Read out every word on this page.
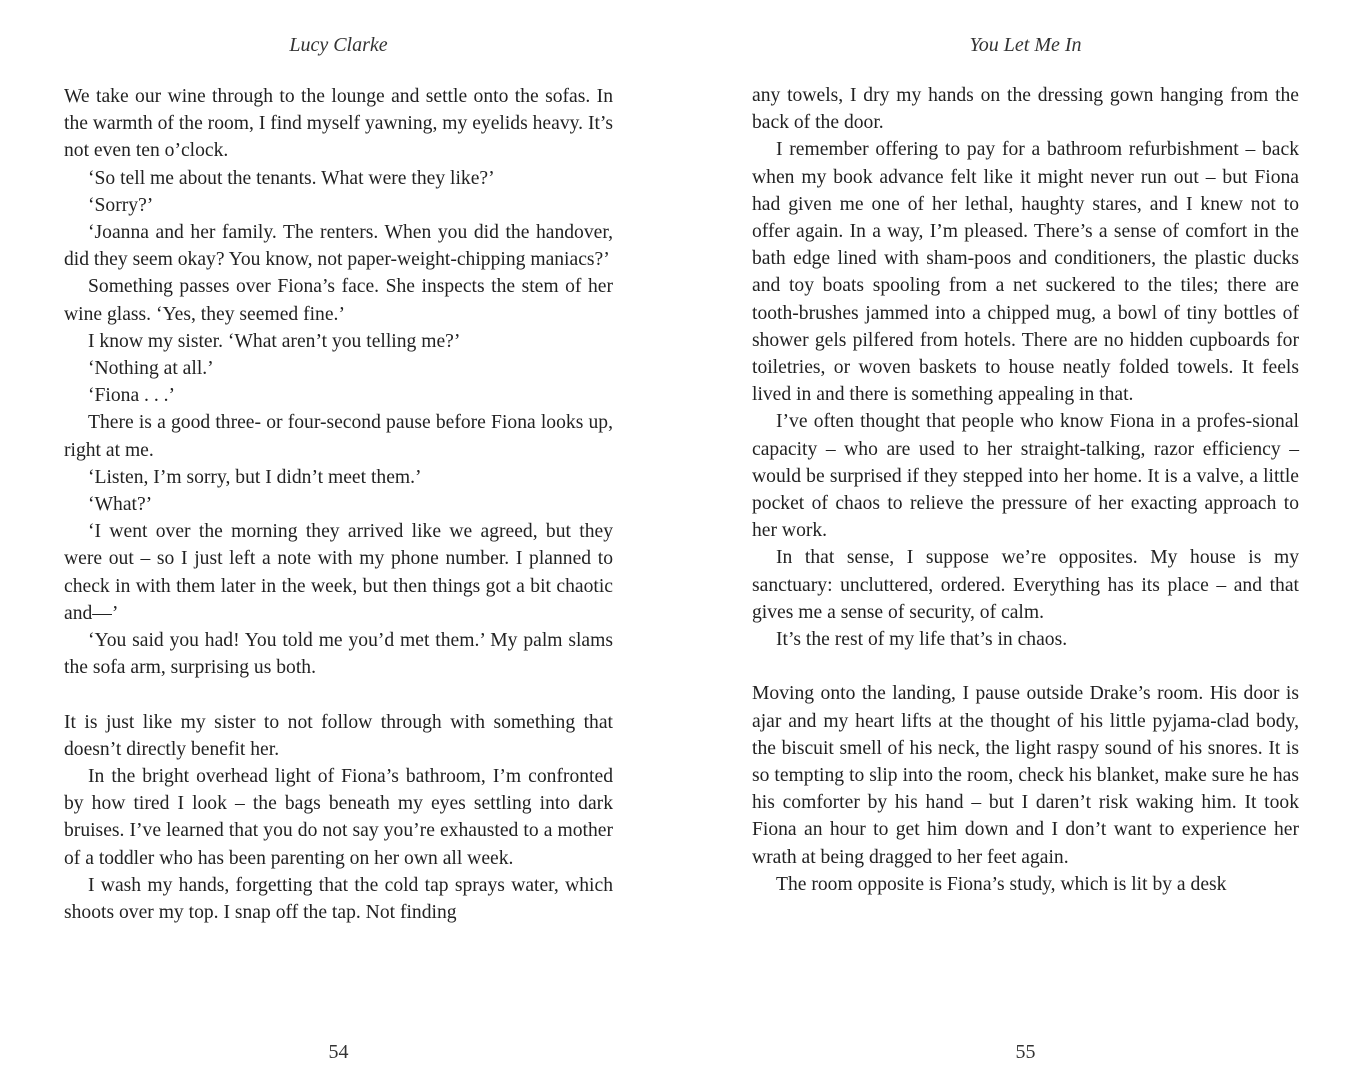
Lucy Clarke

We take our wine through to the lounge and settle onto the sofas. In the warmth of the room, I find myself yawning, my eyelids heavy. It’s not even ten o’clock.

‘So tell me about the tenants. What were they like?’

‘Sorry?’

‘Joanna and her family. The renters. When you did the handover, did they seem okay? You know, not paper-weight-chipping maniacs?’

Something passes over Fiona’s face. She inspects the stem of her wine glass. ‘Yes, they seemed fine.’

I know my sister. ‘What aren’t you telling me?’

‘Nothing at all.’

‘Fiona . . .’

There is a good three- or four-second pause before Fiona looks up, right at me.

‘Listen, I’m sorry, but I didn’t meet them.’

‘What?’

‘I went over the morning they arrived like we agreed, but they were out – so I just left a note with my phone number. I planned to check in with them later in the week, but then things got a bit chaotic and—’

‘You said you had! You told me you’d met them.’ My palm slams the sofa arm, surprising us both.

It is just like my sister to not follow through with something that doesn’t directly benefit her.

In the bright overhead light of Fiona’s bathroom, I’m confronted by how tired I look – the bags beneath my eyes settling into dark bruises. I’ve learned that you do not say you’re exhausted to a mother of a toddler who has been parenting on her own all week.

I wash my hands, forgetting that the cold tap sprays water, which shoots over my top. I snap off the tap. Not finding

54
You Let Me In

any towels, I dry my hands on the dressing gown hanging from the back of the door.

I remember offering to pay for a bathroom refurbishment – back when my book advance felt like it might never run out – but Fiona had given me one of her lethal, haughty stares, and I knew not to offer again. In a way, I’m pleased. There’s a sense of comfort in the bath edge lined with sham-poos and conditioners, the plastic ducks and toy boats spooling from a net suckered to the tiles; there are tooth-brushes jammed into a chipped mug, a bowl of tiny bottles of shower gels pilfered from hotels. There are no hidden cupboards for toiletries, or woven baskets to house neatly folded towels. It feels lived in and there is something appealing in that.

I’ve often thought that people who know Fiona in a profes-sional capacity – who are used to her straight-talking, razor efficiency – would be surprised if they stepped into her home. It is a valve, a little pocket of chaos to relieve the pressure of her exacting approach to her work.

In that sense, I suppose we’re opposites. My house is my sanctuary: uncluttered, ordered. Everything has its place – and that gives me a sense of security, of calm.

It’s the rest of my life that’s in chaos.

Moving onto the landing, I pause outside Drake’s room. His door is ajar and my heart lifts at the thought of his little pyjama-clad body, the biscuit smell of his neck, the light raspy sound of his snores. It is so tempting to slip into the room, check his blanket, make sure he has his comforter by his hand – but I daren’t risk waking him. It took Fiona an hour to get him down and I don’t want to experience her wrath at being dragged to her feet again.

The room opposite is Fiona’s study, which is lit by a desk

55
